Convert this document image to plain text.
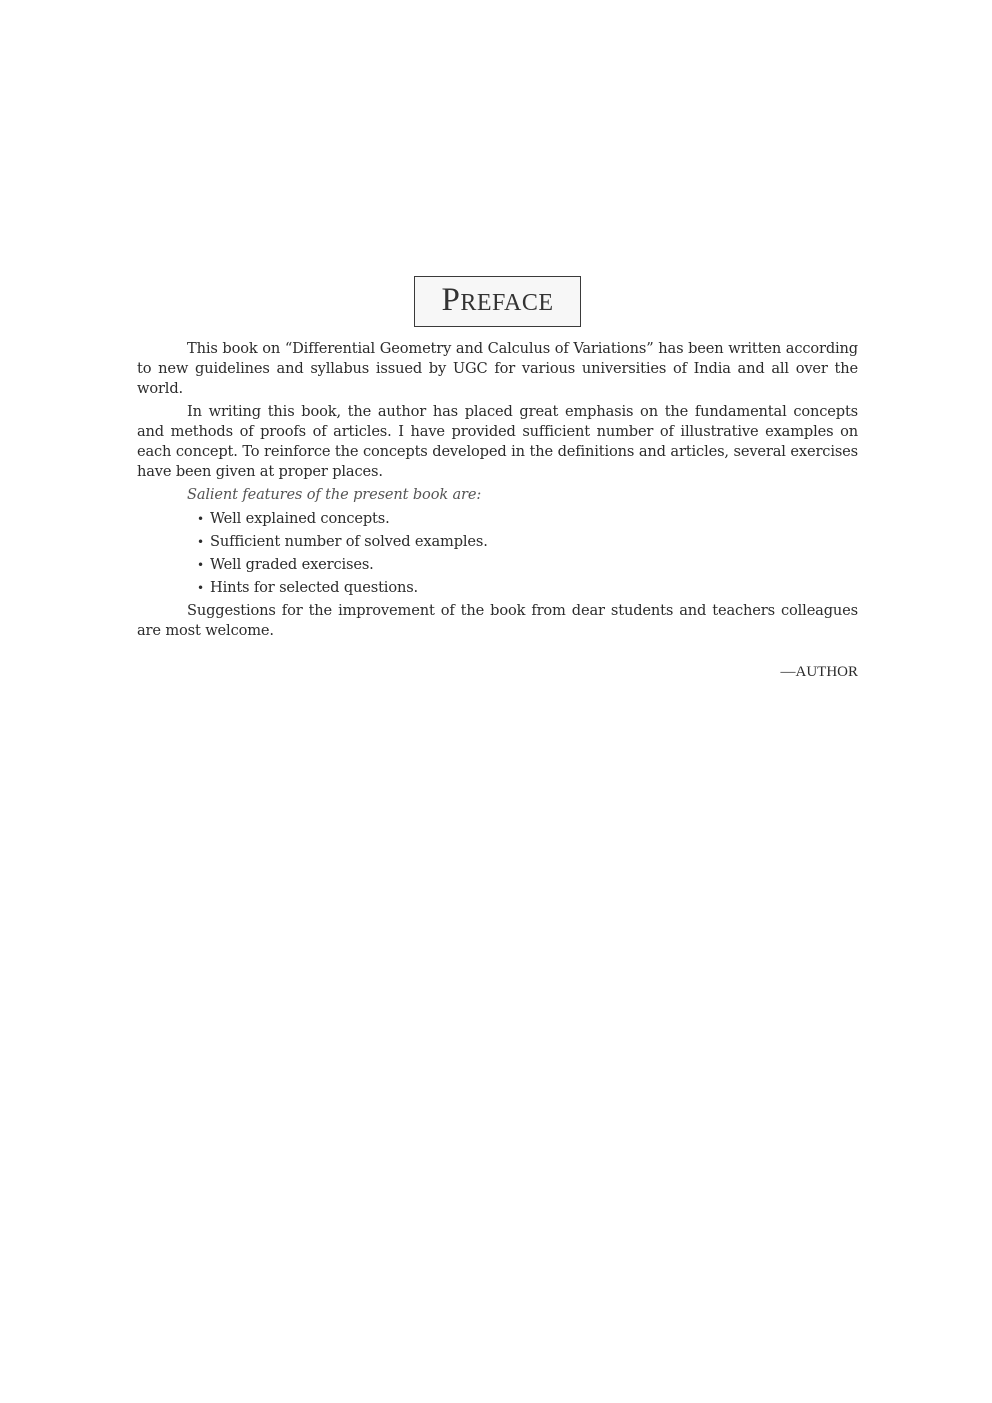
PREFACE

This book on “Differential Geometry and Calculus of Variations” has been written according to new guidelines and syllabus issued by UGC for various universities of India and all over the world.

In writing this book, the author has placed great emphasis on the fundamental concepts and methods of proofs of articles. I have provided sufficient number of illustrative examples on each concept. To reinforce the concepts developed in the definitions and articles, several exercises have been given at proper places.

Salient features of the present book are:

• Well explained concepts.
• Sufficient number of solved examples.
• Well graded exercises.
• Hints for selected questions.

Suggestions for the improvement of the book from dear students and teachers colleagues are most welcome.

—AUTHOR
